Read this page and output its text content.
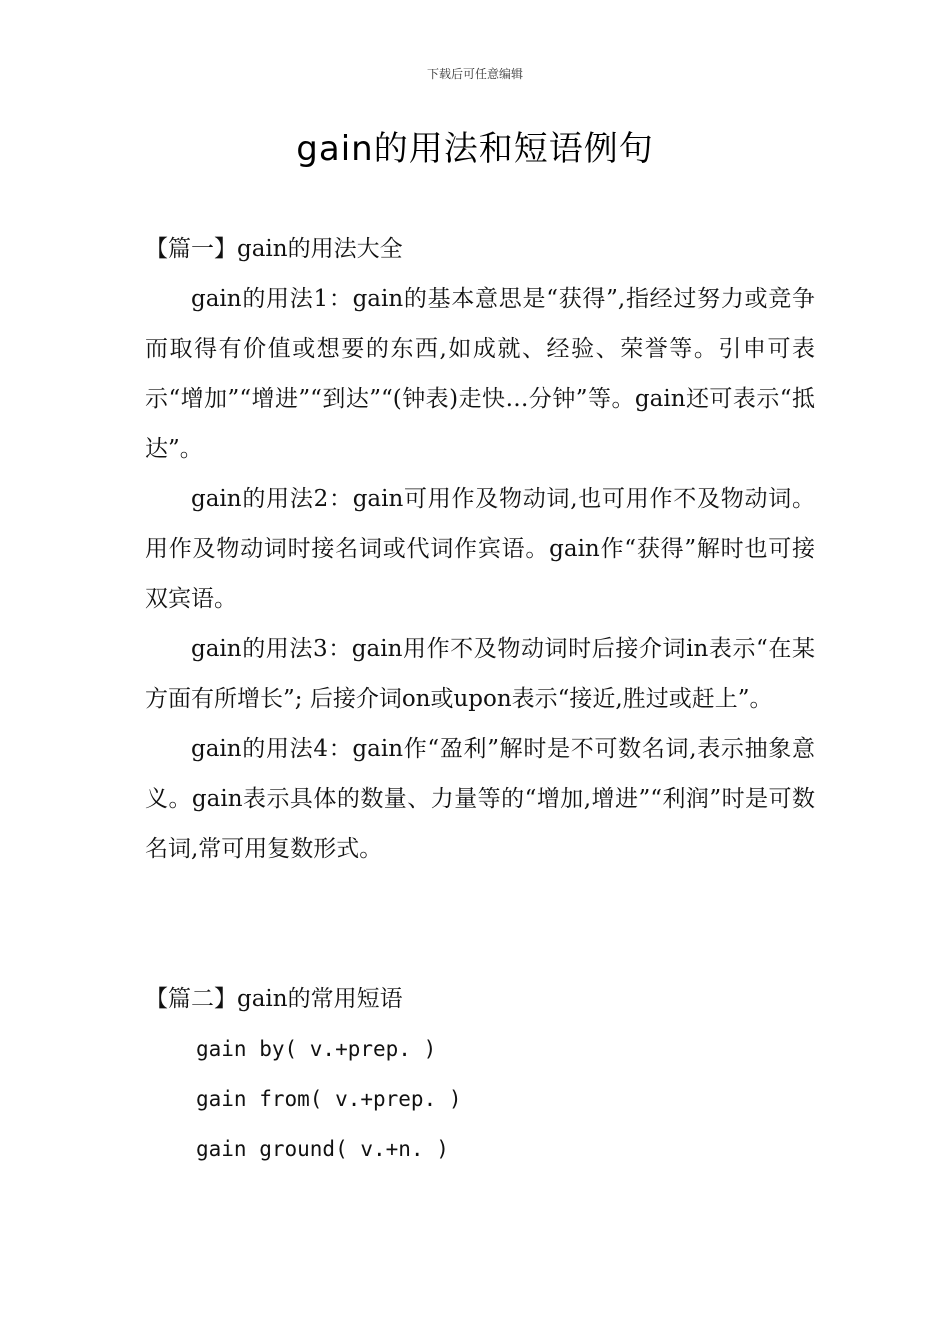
下载后可任意编辑
gain的用法和短语例句
【篇一】gain的用法大全

gain的用法1：gain的基本意思是“获得”,指经过努力或竞争而取得有价值或想要的东西,如成就、经验、荣誉等。引申可表示“增加”“增进”“到达”“(钟表)走快…分钟”等。gain还可表示“抵达”。

gain的用法2：gain可用作及物动词,也可用作不及物动词。用作及物动词时接名词或代词作宾语。gain作“获得”解时也可接双宾语。

gain的用法3：gain用作不及物动词时后接介词in表示“在某方面有所增长”; 后接介词on或upon表示“接近,胜过或赶上”。

gain的用法4：gain作“盈利”解时是不可数名词,表示抽象意义。gain表示具体的数量、力量等的“增加,增进”“利润”时是可数名词,常可用复数形式。

【篇二】gain的常用短语
gain by( v.+prep. )
gain from( v.+prep. )
gain ground( v.+n. )
